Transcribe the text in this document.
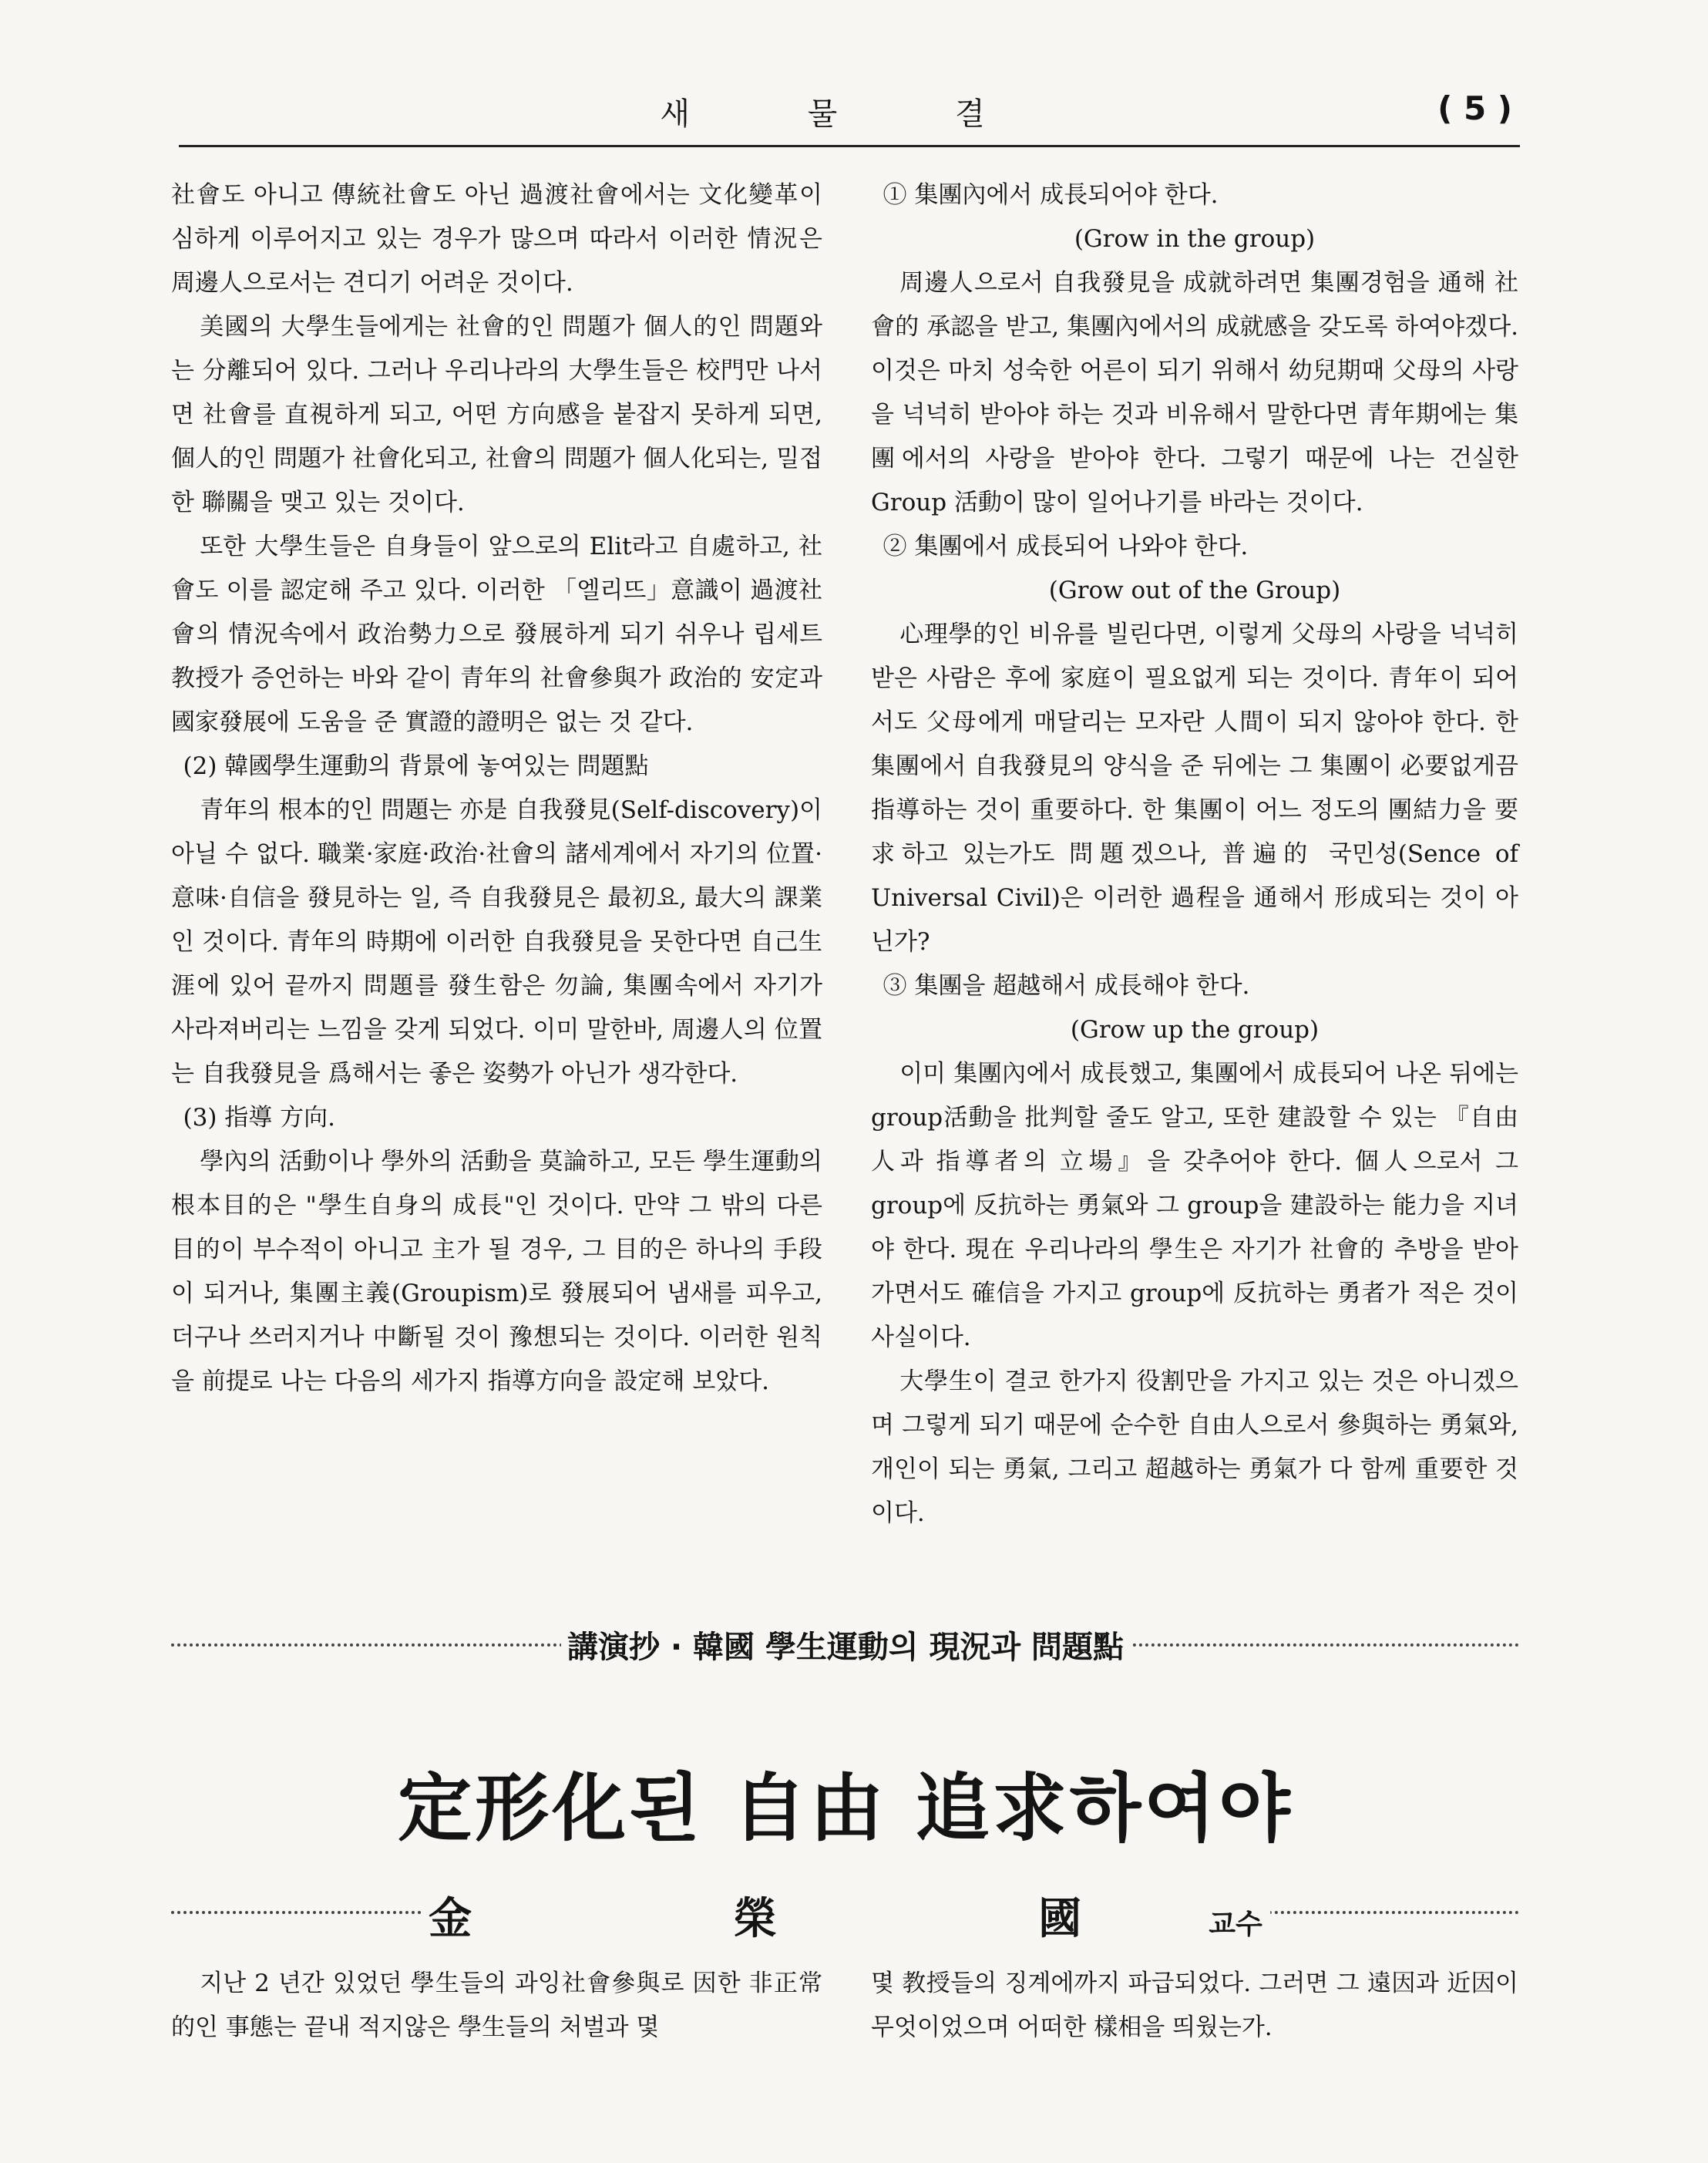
새 물 결	( 5 )

社會도 아니고 傳統社會도 아닌 過渡社會에서는 文化變革이 심하게 이루어지고 있는 경우가 많으며 따라서 이러한 情況은 周邊人으로서는 견디기 어려운 것이다.

美國의 大學生들에게는 社會的인 問題가 個人的인 問題와는 分離되어 있다. 그러나 우리나라의 大學生들은 校門만 나서면 社會를 直視하게 되고, 어떤 方向感을 붙잡지 못하게 되면, 個人的인 問題가 社會化되고, 社會의 問題가 個人化되는, 밀접한 聯關을 맺고 있는 것이다.

또한 大學生들은 自身들이 앞으로의 Elit라고 自處하고, 社會도 이를 認定해 주고 있다. 이러한 「엘리뜨」意識이 過渡社會의 情況속에서 政治勢力으로 發展하게 되기 쉬우나 립세트教授가 증언하는 바와 같이 青年의 社會參與가 政治的 安定과 國家發展에 도움을 준 實證的證明은 없는 것 같다.

(2) 韓國學生運動의 背景에 놓여있는 問題點

青年의 根本的인 問題는 亦是 自我發見(Self-discovery)이 아닐 수 없다. 職業·家庭·政治·社會의 諸세계에서 자기의 位置·意味·自信을 發見하는 일, 즉 自我發見은 最初요, 最大의 課業인 것이다. 青年의 時期에 이러한 自我發見을 못한다면 自己生涯에 있어 끝까지 問題를 發生함은 勿論, 集團속에서 자기가 사라져버리는 느낌을 갖게 되었다. 이미 말한바, 周邊人의 位置는 自我發見을 爲해서는 좋은 姿勢가 아닌가 생각한다.

(3) 指導 方向.

學內의 活動이나 學外의 活動을 莫論하고, 모든 學生運動의 根本目的은 "學生自身의 成長"인 것이다. 만약 그 밖의 다른 目的이 부수적이 아니고 主가 될 경우, 그 目的은 하나의 手段이 되거나, 集團主義(Groupism)로 發展되어 냄새를 피우고, 더구나 쓰러지거나 中斷될 것이 豫想되는 것이다. 이러한 원칙을 前提로 나는 다음의 세가지 指導方向을 設定해 보았다.

① 集團內에서 成長되어야 한다.

(Grow in the group)

周邊人으로서 自我發見을 成就하려면 集團경험을 通해 社會的 承認을 받고, 集團內에서의 成就感을 갖도록 하여야겠다. 이것은 마치 성숙한 어른이 되기 위해서 幼兒期때 父母의 사랑을 넉넉히 받아야 하는 것과 비유해서 말한다면 青年期에는 集團에서의 사랑을 받아야 한다. 그렇기 때문에 나는 건실한 Group 活動이 많이 일어나기를 바라는 것이다.

② 集團에서 成長되어 나와야 한다.

(Grow out of the Group)

心理學的인 비유를 빌린다면, 이렇게 父母의 사랑을 넉넉히 받은 사람은 후에 家庭이 필요없게 되는 것이다. 青年이 되어서도 父母에게 매달리는 모자란 人間이 되지 않아야 한다. 한 集團에서 自我發見의 양식을 준 뒤에는 그 集團이 必要없게끔 指導하는 것이 重要하다. 한 集團이 어느 정도의 團結力을 要求하고 있는가도 問題겠으나, 普遍的 국민성(Sence of Universal Civil)은 이러한 過程을 通해서 形成되는 것이 아닌가?

③ 集團을 超越해서 成長해야 한다.

(Grow up the group)

이미 集團內에서 成長했고, 集團에서 成長되어 나온 뒤에는 group活動을 批判할 줄도 알고, 또한 建設할 수 있는 『自由人과 指導者의 立場』을 갖추어야 한다. 個人으로서 그 group에 反抗하는 勇氣와 그 group을 建設하는 能力을 지녀야 한다. 現在 우리나라의 學生은 자기가 社會的 추방을 받아가면서도 確信을 가지고 group에 反抗하는 勇者가 적은 것이 사실이다.

大學生이 결코 한가지 役割만을 가지고 있는 것은 아니겠으며 그렇게 되기 때문에 순수한 自由人으로서 參與하는 勇氣와, 개인이 되는 勇氣, 그리고 超越하는 勇氣가 다 함께 重要한 것이다.

講演抄 · 韓國 學生運動의 現況과 問題點
定形化된 自由 追求하여야
金 榮 國 교수

지난 2 년간 있었던 學生들의 과잉社會參與로 因한 非正常的인 事態는 끝내 적지않은 學生들의 처벌과 몇

몇 教授들의 징계에까지 파급되었다. 그러면 그 遠因과 近因이 무엇이었으며 어떠한 樣相을 띄웠는가.
